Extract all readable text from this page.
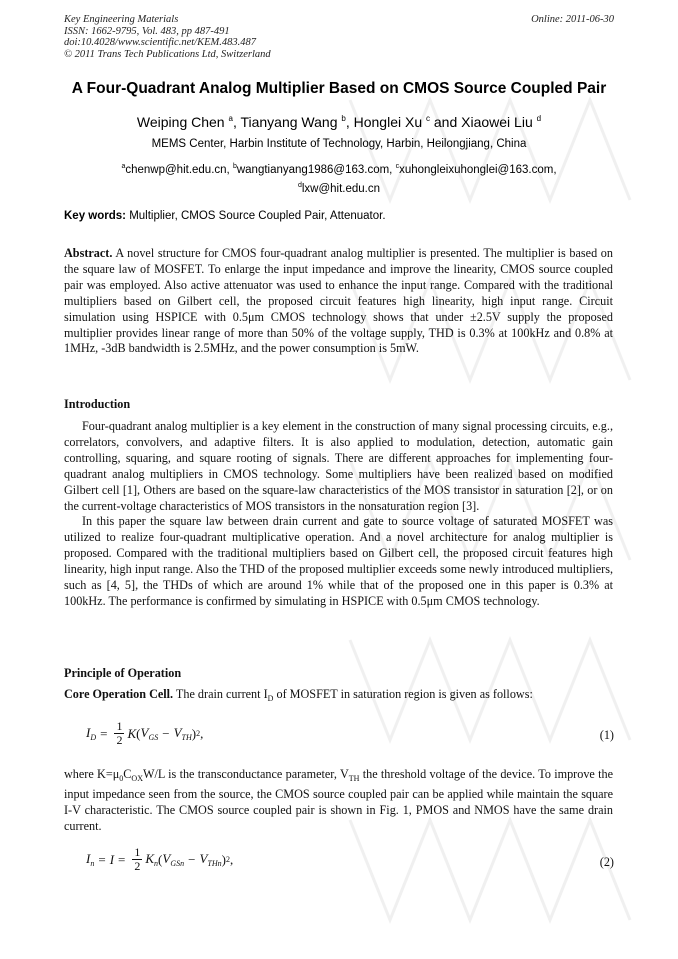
Key Engineering Materials
ISSN: 1662-9795, Vol. 483, pp 487-491
doi:10.4028/www.scientific.net/KEM.483.487
© 2011 Trans Tech Publications Ltd, Switzerland
Online: 2011-06-30
A Four-Quadrant Analog Multiplier Based on CMOS Source Coupled Pair
Weiping Chen $^a$, Tianyang Wang $^b$, Honglei Xu $^c$ and Xiaowei Liu $^d$
MEMS Center, Harbin Institute of Technology, Harbin, Heilongjiang, China
$^a$chenwp@hit.edu.cn, $^b$wangtianyang1986@163.com, $^c$xuhongleixuhonglei@163.com,
$^d$lxw@hit.edu.cn
Key words: Multiplier, CMOS Source Coupled Pair, Attenuator.

Abstract. A novel structure for CMOS four-quadrant analog multiplier is presented. The multiplier is based on the square law of MOSFET. To enlarge the input impedance and improve the linearity, CMOS source coupled pair was employed. Also active attenuator was used to enhance the input range. Compared with the traditional multipliers based on Gilbert cell, the proposed circuit features high linearity, high input range. Circuit simulation using HSPICE with 0.5μm CMOS technology shows that under ±2.5V supply the proposed multiplier provides linear range of more than 50% of the voltage supply, THD is 0.3% at 100kHz and 0.8% at 1MHz, -3dB bandwidth is 2.5MHz, and the power consumption is 5mW.

Introduction

Four-quadrant analog multiplier is a key element in the construction of many signal processing circuits, e.g., correlators, convolvers, and adaptive filters. It is also applied to modulation, detection, automatic gain controlling, squaring, and square rooting of signals. There are different approaches for implementing four-quadrant analog multipliers in CMOS technology. Some multipliers have been realized based on modified Gilbert cell [1], Others are based on the square-law characteristics of the MOS transistor in saturation [2], or on the current-voltage characteristics of MOS transistors in the nonsaturation region [3].

In this paper the square law between drain current and gate to source voltage of saturated MOSFET was utilized to realize four-quadrant multiplicative operation. And a novel architecture for analog multiplier is proposed. Compared with the traditional multipliers based on Gilbert cell, the proposed circuit features high linearity, high input range. Also the THD of the proposed multiplier exceeds some newly introduced multipliers, such as [4, 5], the THDs of which are around 1% while that of the proposed one in this paper is 0.3% at 100kHz. The performance is confirmed by simulating in HSPICE with 0.5μm CMOS technology.

Principle of Operation

Core Operation Cell. The drain current $I_D$ of MOSFET in saturation region is given as follows:

$I_D = \frac{1}{2}$ K ( $V_{GS} - V_{TH}$ ) 2 ,	(1)

where $K=\mu_0C_{OX}W/L$ is the transconductance parameter, $V_{TH}$ the threshold voltage of the device. To improve the input impedance seen from the source, the CMOS source coupled pair can be applied while maintain the square I-V characteristic. The CMOS source coupled pair is shown in Fig. 1, PMOS and NMOS have the same drain current.

$I_n = I = \frac{1}{2} K_n$ ( $V_{GSn} - V_{THn}$ ) 2 ,	(2)
